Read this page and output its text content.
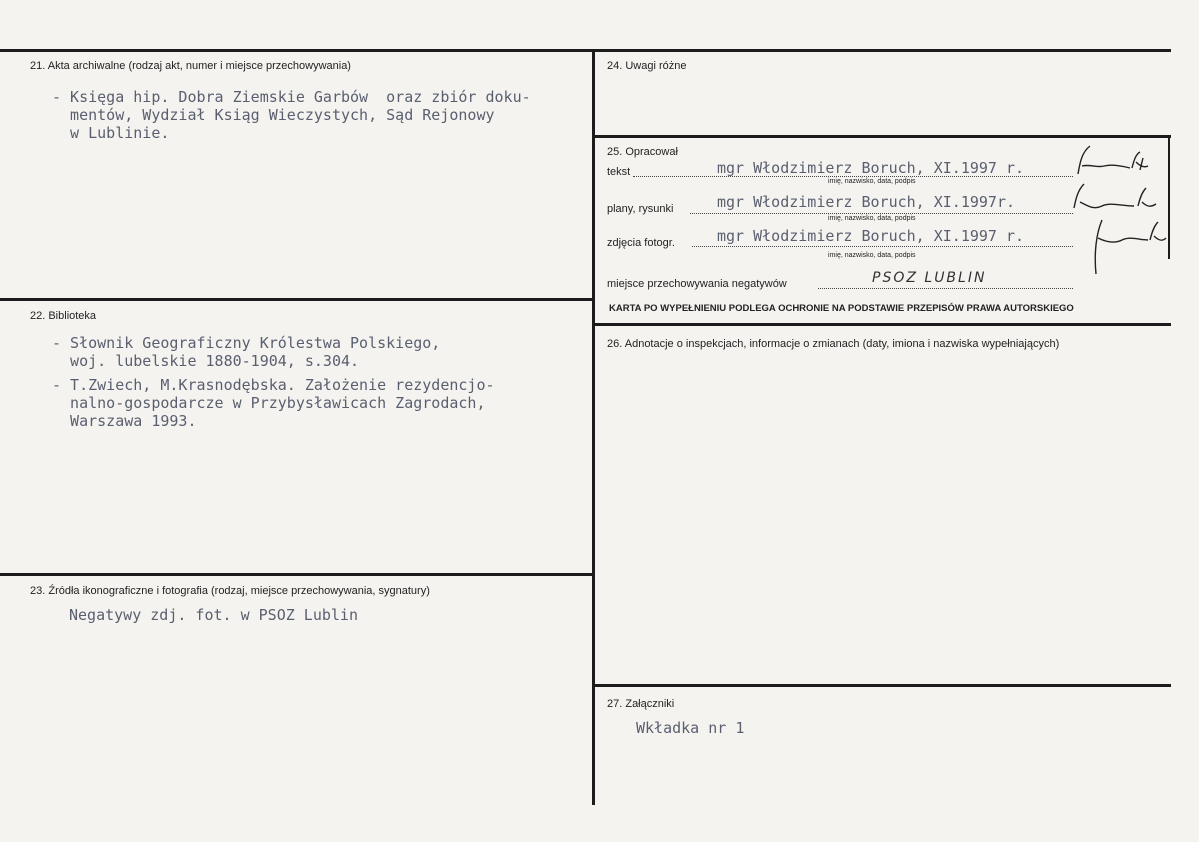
21. Akta archiwalne (rodzaj akt, numer i miejsce przechowywania)
- Księga hip. Dobra Ziemskie Garbów  oraz zbiór doku-
mentów, Wydział Ksiąg Wieczystych, Sąd Rejonowy
w Lublinie.
22. Biblioteka
- Słownik Geograficzny Królestwa Polskiego,
woj. lubelskie 1880-1904, s.304.
- T.Zwiech, M.Krasnodębska. Założenie rezydencjo-
nalno-gospodarcze w Przybysławicach Zagrodach,
Warszawa 1993.
23. Źródła ikonograficzne i fotografia (rodzaj, miejsce przechowywania, sygnatury)
Negatywy zdj. fot. w PSOZ Lublin
24. Uwagi różne
25. Opracował
tekst	mgr Włodzimierz Boruch, XI.1997 r.
imię, nazwisko, data, podpis
plany, rysunki	mgr Włodzimierz Boruch, XI.1997r.
imię, nazwisko, data, podpis
zdjęcia fotogr.	mgr Włodzimierz Boruch, XI.1997 r.
imię, nazwisko, data, podpis
miejsce przechowywania negatywów	PSOZ LUBLIN
KARTA PO WYPEŁNIENIU PODLEGA OCHRONIE NA PODSTAWIE PRZEPISÓW PRAWA AUTORSKIEGO
26. Adnotacje o inspekcjach, informacje o zmianach (daty, imiona i nazwiska wypełniających)
27. Załączniki
Wkładka nr 1
